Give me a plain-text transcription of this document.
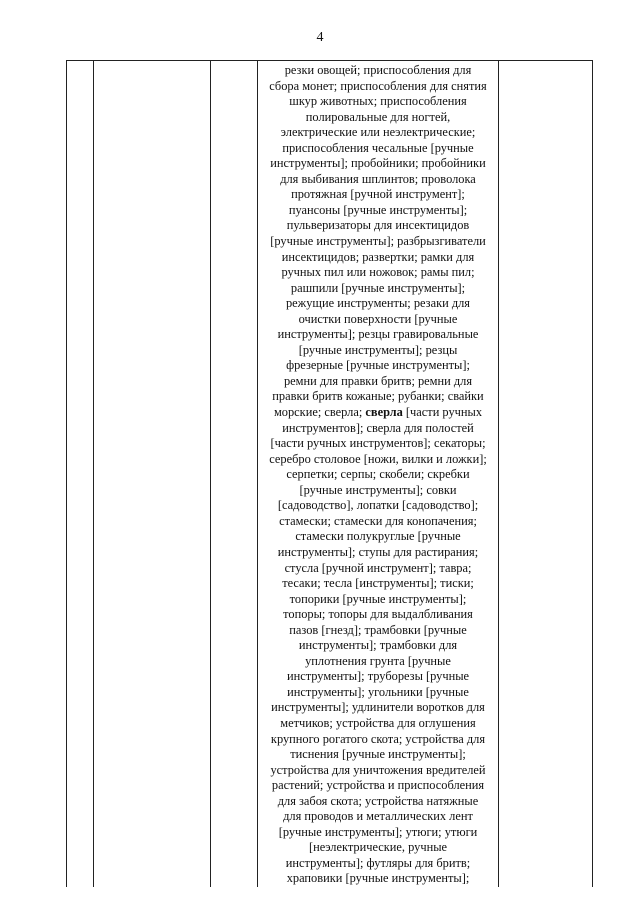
4

резки овощей; приспособления для
сбора монет; приспособления для снятия
шкур животных; приспособления
полировальные для ногтей,
электрические или неэлектрические;
приспособления чесальные [ручные
инструменты]; пробойники; пробойники
для выбивания шплинтов; проволока
протяжная [ручной инструмент];
пуансоны [ручные инструменты];
пульверизаторы для инсектицидов
[ручные инструменты]; разбрызгиватели
инсектицидов; развертки; рамки для
ручных пил или ножовок; рамы пил;
рашпили [ручные инструменты];
режущие инструменты; резаки для
очистки поверхности [ручные
инструменты]; резцы гравировальные
[ручные инструменты]; резцы
фрезерные [ручные инструменты];
ремни для правки бритв; ремни для
правки бритв кожаные; рубанки; свайки
морские; сверла; сверла [части ручных
инструментов]; сверла для полостей
[части ручных инструментов]; секаторы;
серебро столовое [ножи, вилки и ложки];
серпетки; серпы; скобели; скребки
[ручные инструменты]; совки
[садоводство], лопатки [садоводство];
стамески; стамески для конопачения;
стамески полукруглые [ручные
инструменты]; ступы для растирания;
стусла [ручной инструмент]; тавра;
тесаки; тесла [инструменты]; тиски;
топорики [ручные инструменты];
топоры; топоры для выдалбливания
пазов [гнезд]; трамбовки [ручные
инструменты]; трамбовки для
уплотнения грунта [ручные
инструменты]; труборезы [ручные
инструменты]; угольники [ручные
инструменты]; удлинители воротков для
метчиков; устройства для оглушения
крупного рогатого скота; устройства для
тиснения [ручные инструменты];
устройства для уничтожения вредителей
растений; устройства и приспособления
для забоя скота; устройства натяжные
для проводов и металлических лент
[ручные инструменты]; утюги; утюги
[неэлектрические, ручные
инструменты]; футляры для бритв;
храповики [ручные инструменты];
